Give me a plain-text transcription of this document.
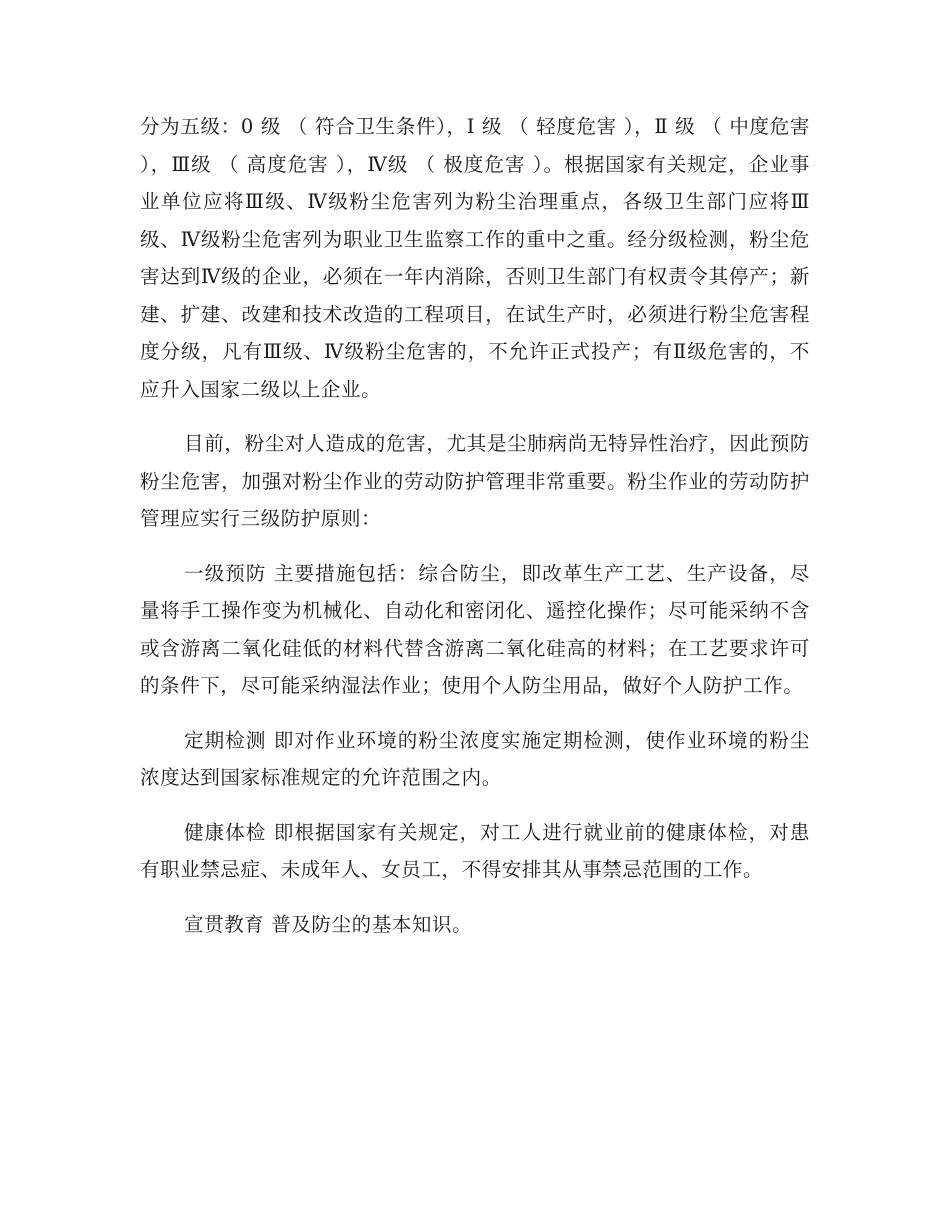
分为五级：0 级 （ 符合卫生条件），Ⅰ 级 （ 轻度危害 ），Ⅱ 级 （ 中度危害 ），Ⅲ级 （ 高度危害 ），Ⅳ级 （ 极度危害 ）。根据国家有关规定，企业事业单位应将Ⅲ级、Ⅳ级粉尘危害列为粉尘治理重点，各级卫生部门应将Ⅲ级、Ⅳ级粉尘危害列为职业卫生监察工作的重中之重。经分级检测，粉尘危害达到Ⅳ级的企业，必须在一年内消除，否则卫生部门有权责令其停产；新建、扩建、改建和技术改造的工程项目，在试生产时，必须进行粉尘危害程度分级，凡有Ⅲ级、Ⅳ级粉尘危害的，不允许正式投产；有Ⅱ级危害的，不应升入国家二级以上企业。

目前，粉尘对人造成的危害，尤其是尘肺病尚无特异性治疗，因此预防粉尘危害，加强对粉尘作业的劳动防护管理非常重要。粉尘作业的劳动防护管理应实行三级防护原则：

一级预防 主要措施包括：综合防尘，即改革生产工艺、生产设备，尽量将手工操作变为机械化、自动化和密闭化、遥控化操作；尽可能采纳不含或含游离二氧化硅低的材料代替含游离二氧化硅高的材料；在工艺要求许可的条件下，尽可能采纳湿法作业；使用个人防尘用品，做好个人防护工作。

定期检测 即对作业环境的粉尘浓度实施定期检测，使作业环境的粉尘浓度达到国家标准规定的允许范围之内。

健康体检 即根据国家有关规定，对工人进行就业前的健康体检，对患有职业禁忌症、未成年人、女员工，不得安排其从事禁忌范围的工作。

宣贯教育 普及防尘的基本知识。
